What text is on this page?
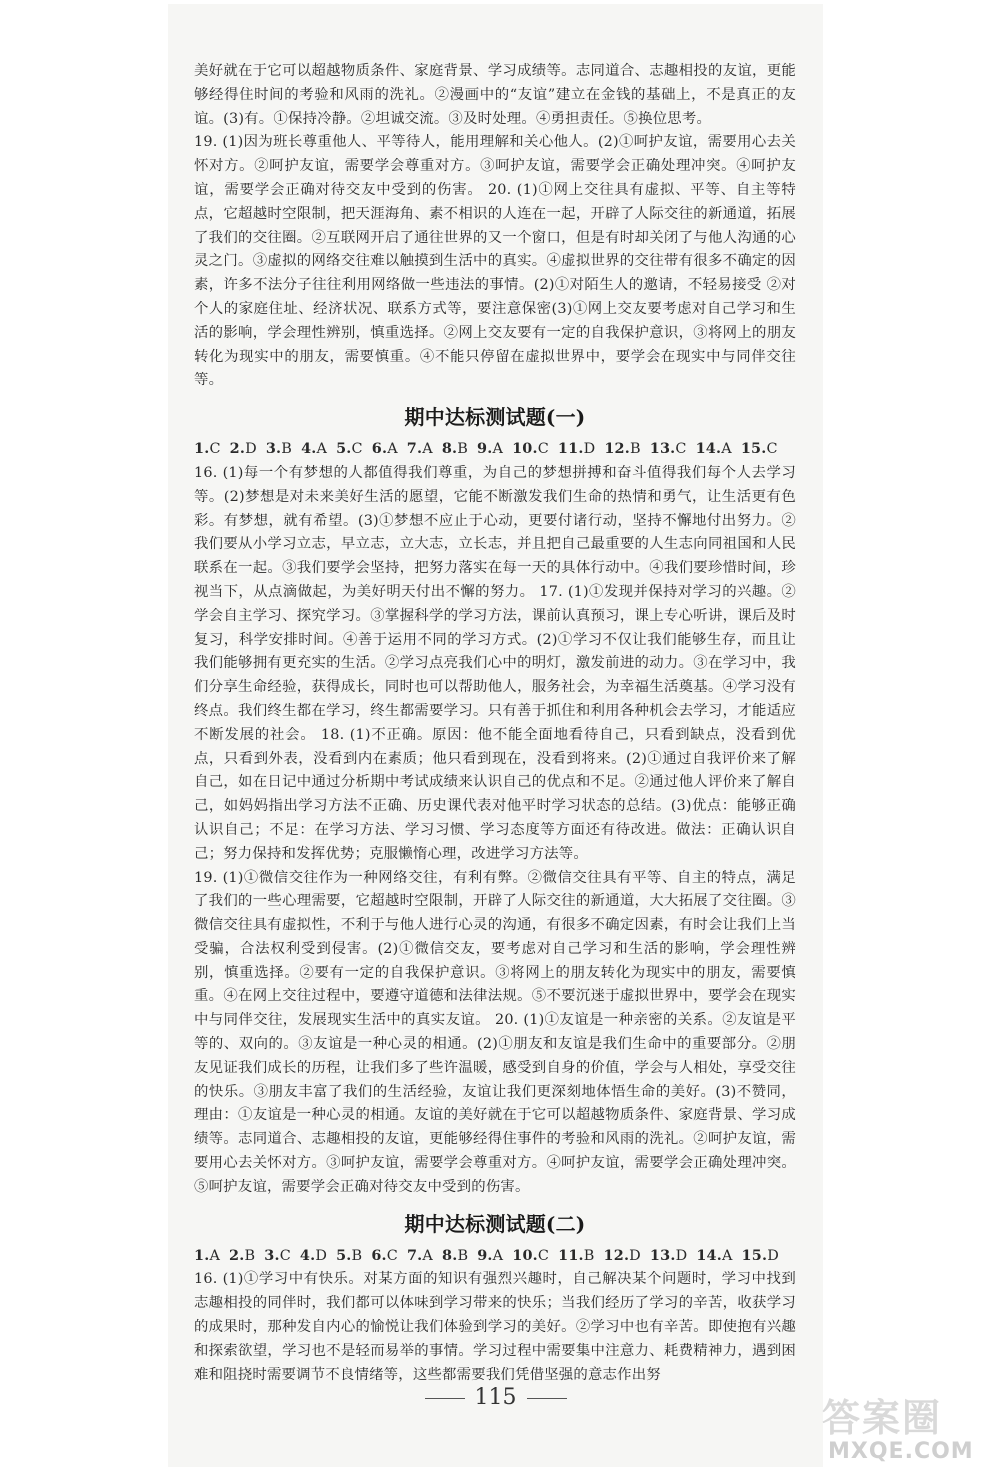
美好就在于它可以超越物质条件、家庭背景、学习成绩等。志同道合、志趣相投的友谊，更能够经得住时间的考验和风雨的洗礼。②漫画中的“友谊”建立在金钱的基础上，不是真正的友谊。(3)有。①保持冷静。②坦诚交流。③及时处理。④勇担责任。⑤换位思考。

19. (1)因为班长尊重他人、平等待人，能用理解和关心他人。(2)①呵护友谊，需要用心去关怀对方。②呵护友谊，需要学会尊重对方。③呵护友谊，需要学会正确处理冲突。④呵护友谊，需要学会正确对待交友中受到的伤害。 20. (1)①网上交往具有虚拟、平等、自主等特点，它超越时空限制，把天涯海角、素不相识的人连在一起，开辟了人际交往的新通道，拓展了我们的交往圈。②互联网开启了通往世界的又一个窗口，但是有时却关闭了与他人沟通的心灵之门。③虚拟的网络交往难以触摸到生活中的真实。④虚拟世界的交往带有很多不确定的因素，许多不法分子往往利用网络做一些违法的事情。(2)①对陌生人的邀请，不轻易接受 ②对个人的家庭住址、经济状况、联系方式等，要注意保密(3)①网上交友要考虑对自己学习和生活的影响，学会理性辨别，慎重选择。②网上交友要有一定的自我保护意识，③将网上的朋友转化为现实中的朋友，需要慎重。④不能只停留在虚拟世界中，要学会在现实中与同伴交往等。

期中达标测试题(一)

1.C 2.D 3.B 4.A 5.C 6.A 7.A 8.B 9.A 10.C 11.D 12.B 13.C 14.A 15.C

16. (1)每一个有梦想的人都值得我们尊重，为自己的梦想拼搏和奋斗值得我们每个人去学习等。(2)梦想是对未来美好生活的愿望，它能不断激发我们生命的热情和勇气，让生活更有色彩。有梦想，就有希望。(3)①梦想不应止于心动，更要付诸行动，坚持不懈地付出努力。②我们要从小学习立志，早立志，立大志，立长志，并且把自己最重要的人生志向同祖国和人民联系在一起。③我们要学会坚持，把努力落实在每一天的具体行动中。④我们要珍惜时间，珍视当下，从点滴做起，为美好明天付出不懈的努力。 17. (1)①发现并保持对学习的兴趣。②学会自主学习、探究学习。③掌握科学的学习方法，课前认真预习，课上专心听讲，课后及时复习，科学安排时间。④善于运用不同的学习方式。(2)①学习不仅让我们能够生存，而且让我们能够拥有更充实的生活。②学习点亮我们心中的明灯，激发前进的动力。③在学习中，我们分享生命经验，获得成长，同时也可以帮助他人，服务社会，为幸福生活奠基。④学习没有终点。我们终生都在学习，终生都需要学习。只有善于抓住和利用各种机会去学习，才能适应不断发展的社会。 18. (1)不正确。原因：他不能全面地看待自己，只看到缺点，没看到优点，只看到外表，没看到内在素质；他只看到现在，没看到将来。(2)①通过自我评价来了解自己，如在日记中通过分析期中考试成绩来认识自己的优点和不足。②通过他人评价来了解自己，如妈妈指出学习方法不正确、历史课代表对他平时学习状态的总结。(3)优点：能够正确认识自己；不足：在学习方法、学习习惯、学习态度等方面还有待改进。做法：正确认识自己；努力保持和发挥优势；克服懒惰心理，改进学习方法等。

19. (1)①微信交往作为一种网络交往，有利有弊。②微信交往具有平等、自主的特点，满足了我们的一些心理需要，它超越时空限制，开辟了人际交往的新通道，大大拓展了交往圈。③微信交往具有虚拟性，不利于与他人进行心灵的沟通，有很多不确定因素，有时会让我们上当受骗，合法权利受到侵害。(2)①微信交友，要考虑对自己学习和生活的影响，学会理性辨别，慎重选择。②要有一定的自我保护意识。③将网上的朋友转化为现实中的朋友，需要慎重。④在网上交往过程中，要遵守道德和法律法规。⑤不要沉迷于虚拟世界中，要学会在现实中与同伴交往，发展现实生活中的真实友谊。 20. (1)①友谊是一种亲密的关系。②友谊是平等的、双向的。③友谊是一种心灵的相通。(2)①朋友和友谊是我们生命中的重要部分。②朋友见证我们成长的历程，让我们多了些许温暖，感受到自身的价值，学会与人相处，享受交往的快乐。③朋友丰富了我们的生活经验，友谊让我们更深刻地体悟生命的美好。(3)不赞同，理由：①友谊是一种心灵的相通。友谊的美好就在于它可以超越物质条件、家庭背景、学习成绩等。志同道合、志趣相投的友谊，更能够经得住事件的考验和风雨的洗礼。②呵护友谊，需要用心去关怀对方。③呵护友谊，需要学会尊重对方。④呵护友谊，需要学会正确处理冲突。⑤呵护友谊，需要学会正确对待交友中受到的伤害。

期中达标测试题(二)

1.A 2.B 3.C 4.D 5.B 6.C 7.A 8.B 9.A 10.C 11.B 12.D 13.D 14.A 15.D

16. (1)①学习中有快乐。对某方面的知识有强烈兴趣时，自己解决某个问题时，学习中找到志趣相投的同伴时，我们都可以体味到学习带来的快乐；当我们经历了学习的辛苦，收获学习的成果时，那种发自内心的愉悦让我们体验到学习的美好。②学习中也有辛苦。即使抱有兴趣和探索欲望，学习也不是轻而易举的事情。学习过程中需要集中注意力、耗费精神力，遇到困难和阻挠时需要调节不良情绪等，这些都需要我们凭借坚强的意志作出努

115	答案圈
MXQE.COM
